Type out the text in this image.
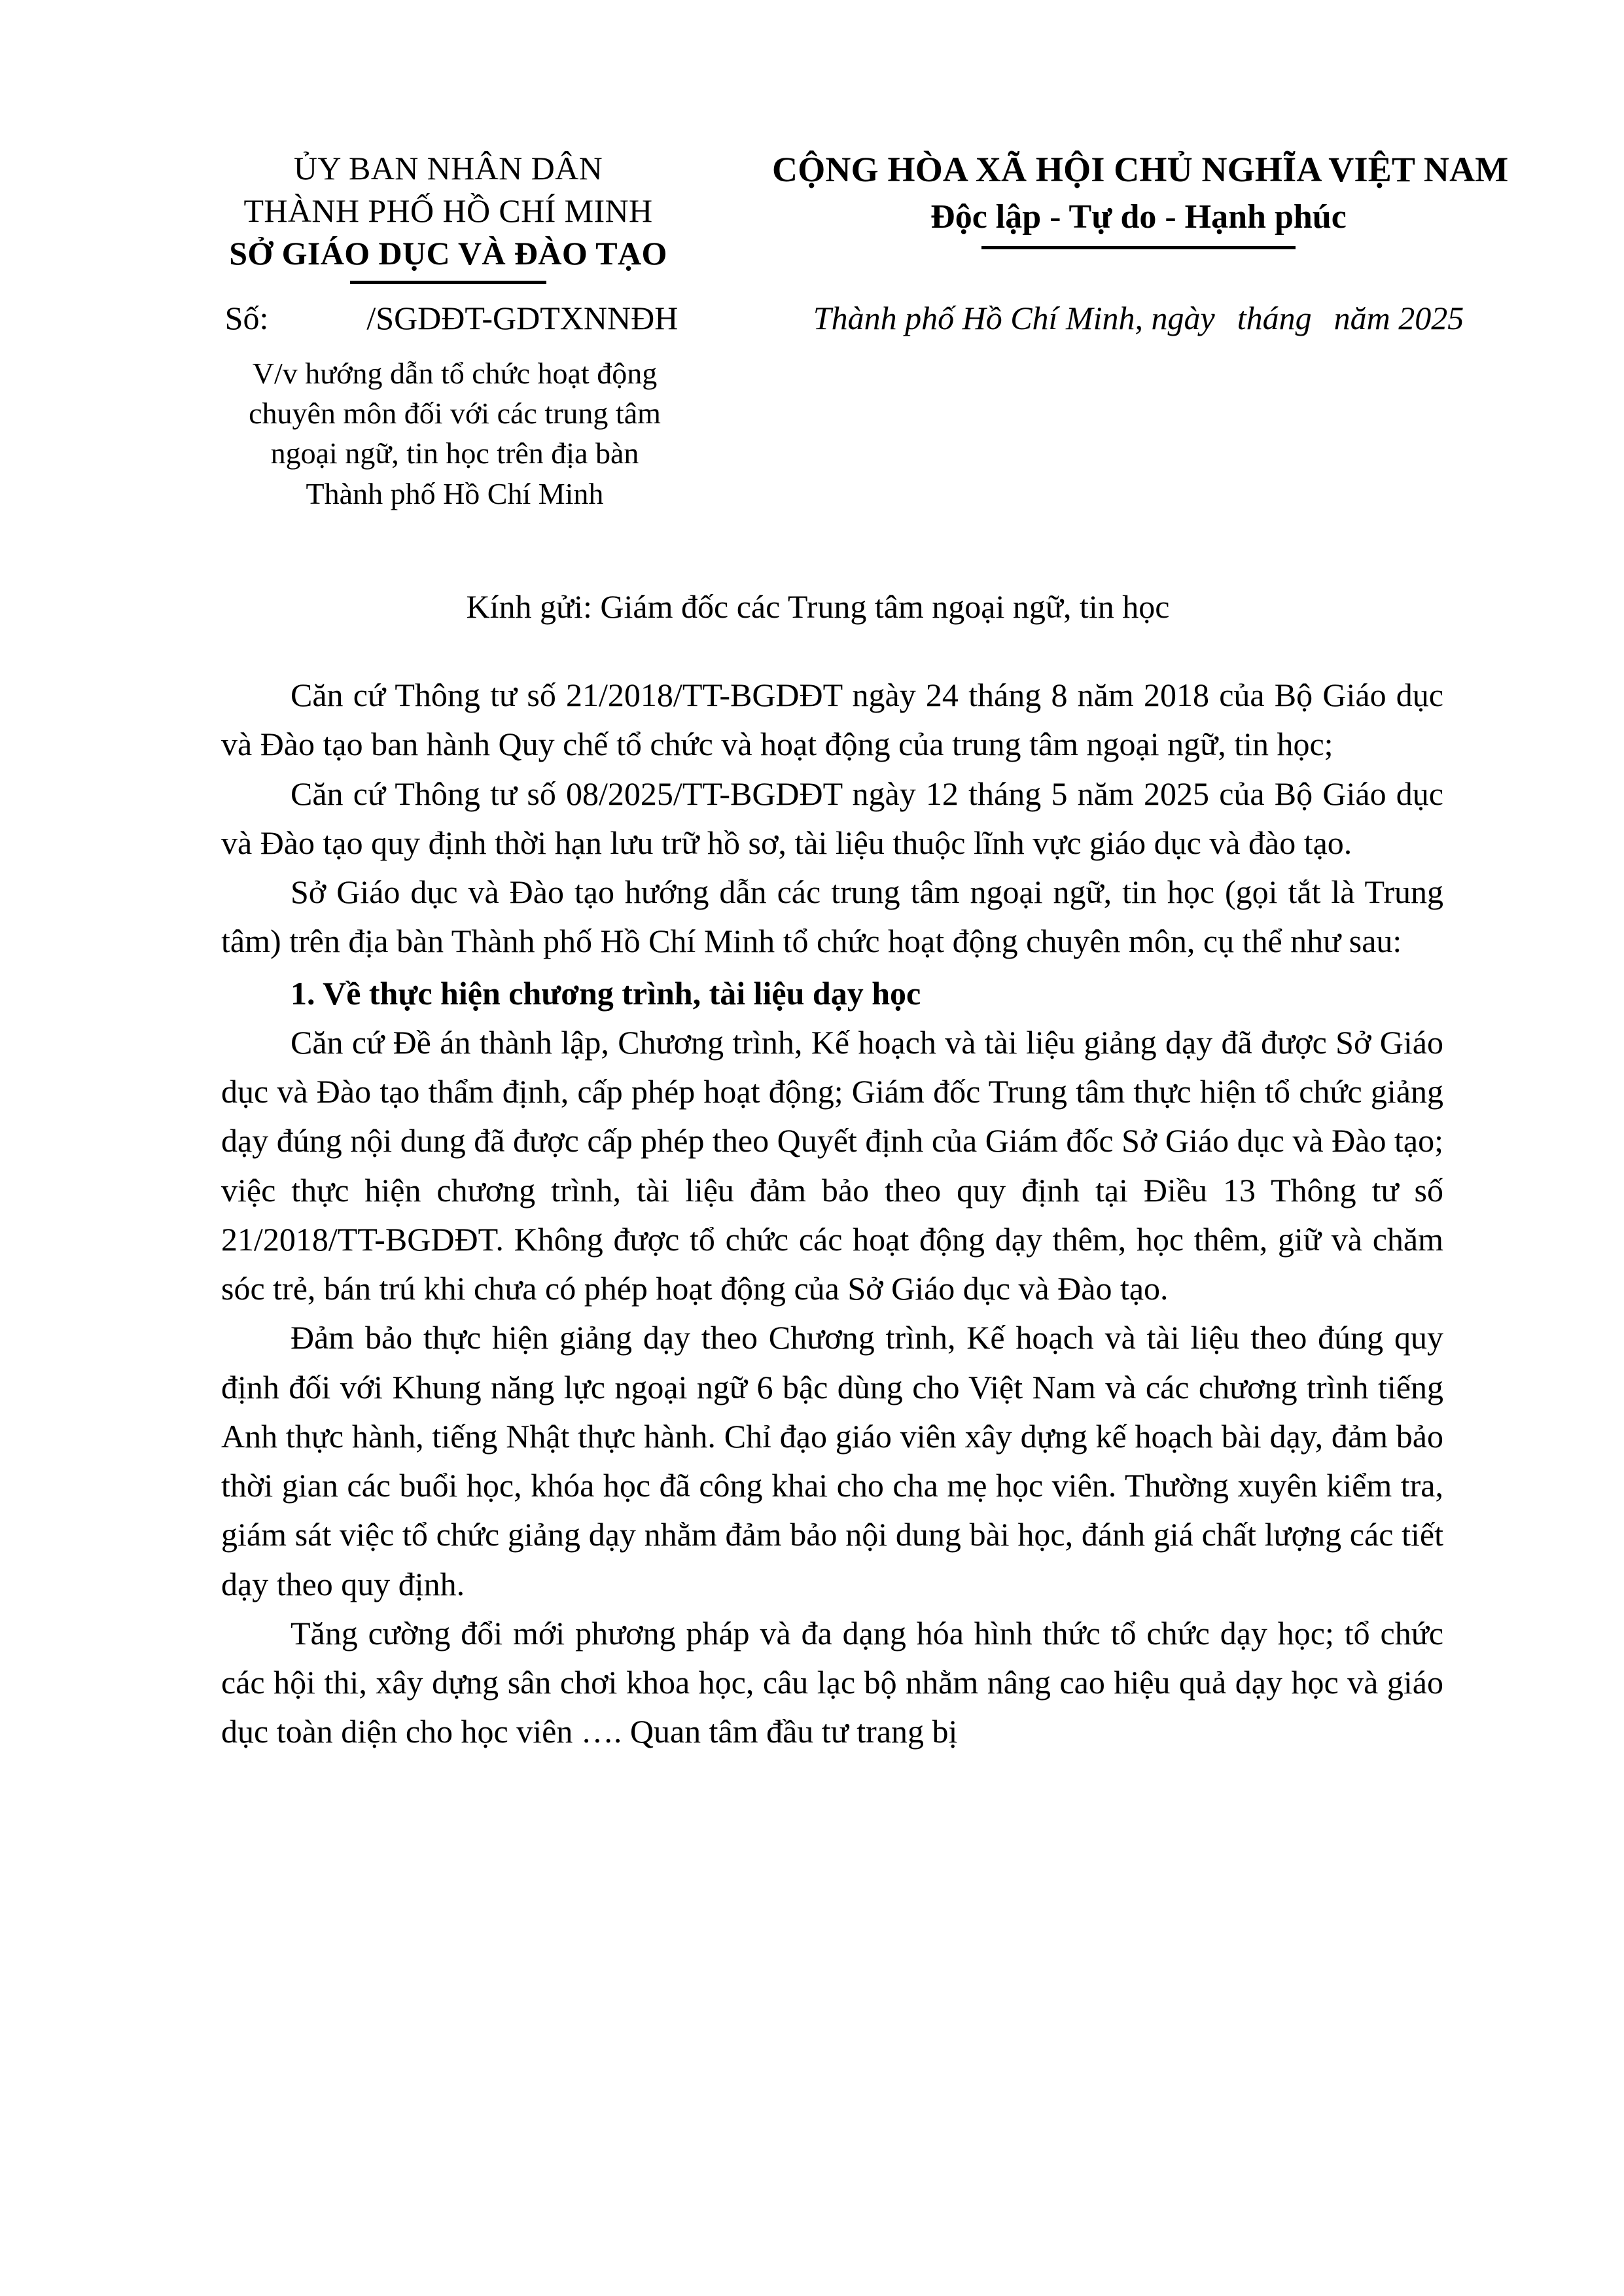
ỦY BAN NHÂN DÂN
THÀNH PHỐ HỒ CHÍ MINH
SỞ GIÁO DỤC VÀ ĐÀO TẠO
CỘNG HÒA XÃ HỘI CHỦ NGHĨA VIỆT NAM
Độc lập - Tự do - Hạnh phúc
Số:	/SGDĐT-GDTXNNĐH	Thành phố Hồ Chí Minh, ngày tháng năm 2025
V/v hướng dẫn tổ chức hoạt động
chuyên môn đối với các trung tâm
ngoại ngữ, tin học trên địa bàn
Thành phố Hồ Chí Minh
Kính gửi: Giám đốc các Trung tâm ngoại ngữ, tin học

Căn cứ Thông tư số 21/2018/TT-BGDĐT ngày 24 tháng 8 năm 2018 của Bộ Giáo dục và Đào tạo ban hành Quy chế tổ chức và hoạt động của trung tâm ngoại ngữ, tin học;

Căn cứ Thông tư số 08/2025/TT-BGDĐT ngày 12 tháng 5 năm 2025 của Bộ Giáo dục và Đào tạo quy định thời hạn lưu trữ hồ sơ, tài liệu thuộc lĩnh vực giáo dục và đào tạo.

Sở Giáo dục và Đào tạo hướng dẫn các trung tâm ngoại ngữ, tin học (gọi tắt là Trung tâm) trên địa bàn Thành phố Hồ Chí Minh tổ chức hoạt động chuyên môn, cụ thể như sau:

1. Về thực hiện chương trình, tài liệu dạy học

Căn cứ Đề án thành lập, Chương trình, Kế hoạch và tài liệu giảng dạy đã được Sở Giáo dục và Đào tạo thẩm định, cấp phép hoạt động; Giám đốc Trung tâm thực hiện tổ chức giảng dạy đúng nội dung đã được cấp phép theo Quyết định của Giám đốc Sở Giáo dục và Đào tạo; việc thực hiện chương trình, tài liệu đảm bảo theo quy định tại Điều 13 Thông tư số 21/2018/TT-BGDĐT. Không được tổ chức các hoạt động dạy thêm, học thêm, giữ và chăm sóc trẻ, bán trú khi chưa có phép hoạt động của Sở Giáo dục và Đào tạo.

Đảm bảo thực hiện giảng dạy theo Chương trình, Kế hoạch và tài liệu theo đúng quy định đối với Khung năng lực ngoại ngữ 6 bậc dùng cho Việt Nam và các chương trình tiếng Anh thực hành, tiếng Nhật thực hành. Chỉ đạo giáo viên xây dựng kế hoạch bài dạy, đảm bảo thời gian các buổi học, khóa học đã công khai cho cha mẹ học viên. Thường xuyên kiểm tra, giám sát việc tổ chức giảng dạy nhằm đảm bảo nội dung bài học, đánh giá chất lượng các tiết dạy theo quy định.

Tăng cường đổi mới phương pháp và đa dạng hóa hình thức tổ chức dạy học; tổ chức các hội thi, xây dựng sân chơi khoa học, câu lạc bộ nhằm nâng cao hiệu quả dạy học và giáo dục toàn diện cho học viên …. Quan tâm đầu tư trang bị
